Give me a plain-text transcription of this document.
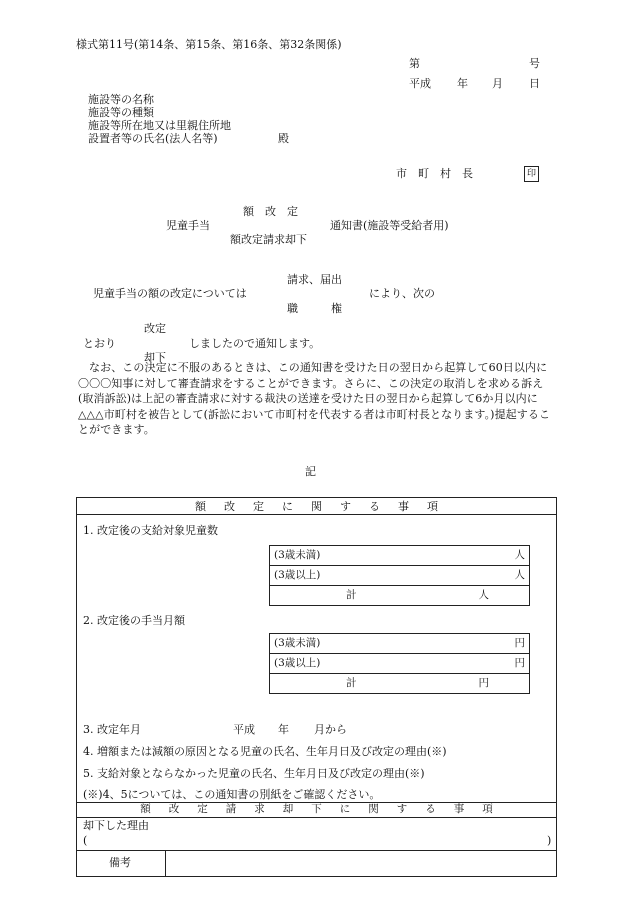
様式第11号(第14条、第15条、第16条、第32条関係)
第	号
平成 年 月 日
施設等の名称
施設等の種類
施設等所在地又は里親住所地
設置者等の氏名(法人名等)	殿
市　町　村　長	印
額　改　定
児童手当	通知書(施設等受給者用)
額改定請求却下
請求、届出
児童手当の額の改定については	により、次の
職　　　権
改定
とおり	しましたので通知します。
却下
なお、この決定に不服のあるときは、この通知書を受けた日の翌日から起算して60日以内に〇〇〇知事に対して審査請求をすることができます。さらに、この決定の取消しを求める訴え(取消訴訟)は上記の審査請求に対する裁決の送達を受けた日の翌日から起算して6か月以内に△△△市町村を被告として(訴訟において市町村を代表する者は市町村長となります。)提起することができます。
記
額改定に関する事項
1. 改定後の支給対象児童数
(3歳未満)	人

(3歳以上)	人

計	人
2. 改定後の手当月額
(3歳未満)	円

(3歳以上)	円

計	円
3. 改定年月	平成 年 月から
4. 増額または減額の原因となる児童の氏名、生年月日及び改定の理由(※)
5. 支給対象とならなかった児童の氏名、生年月日及び改定の理由(※)
(※)4、5については、この通知書の別紙をご確認ください。
額改定請求却下に関する事項
却下した理由
(	)
備考
